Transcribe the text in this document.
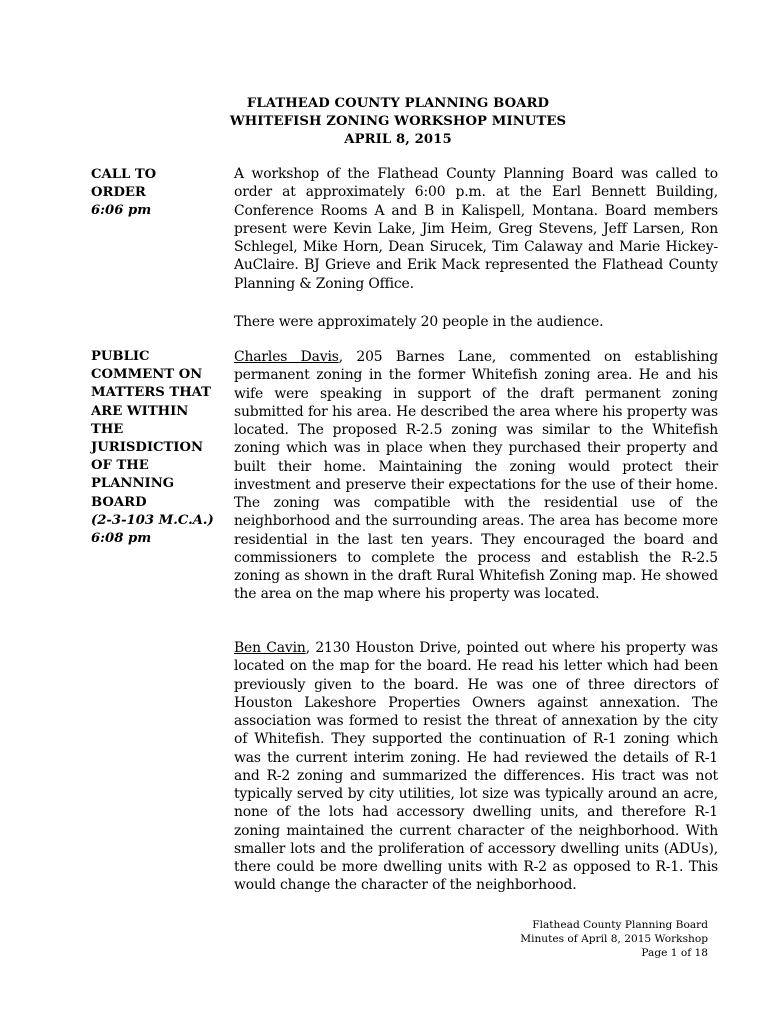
FLATHEAD COUNTY PLANNING BOARD
WHITEFISH ZONING WORKSHOP MINUTES
APRIL 8, 2015
CALL TO
ORDER
6:06 pm
A workshop of the Flathead County Planning Board was called to order at approximately 6:00 p.m. at the Earl Bennett Building, Conference Rooms A and B in Kalispell, Montana. Board members present were Kevin Lake, Jim Heim, Greg Stevens, Jeff Larsen, Ron Schlegel, Mike Horn, Dean Sirucek, Tim Calaway and Marie Hickey-AuClaire. BJ Grieve and Erik Mack represented the Flathead County Planning & Zoning Office.
There were approximately 20 people in the audience.
PUBLIC
COMMENT ON
MATTERS THAT
ARE WITHIN
THE
JURISDICTION
OF THE
PLANNING
BOARD
(2-3-103 M.C.A.)
6:08 pm
Charles Davis, 205 Barnes Lane, commented on establishing permanent zoning in the former Whitefish zoning area. He and his wife were speaking in support of the draft permanent zoning submitted for his area. He described the area where his property was located. The proposed R-2.5 zoning was similar to the Whitefish zoning which was in place when they purchased their property and built their home. Maintaining the zoning would protect their investment and preserve their expectations for the use of their home. The zoning was compatible with the residential use of the neighborhood and the surrounding areas. The area has become more residential in the last ten years. They encouraged the board and commissioners to complete the process and establish the R-2.5 zoning as shown in the draft Rural Whitefish Zoning map. He showed the area on the map where his property was located.
Ben Cavin, 2130 Houston Drive, pointed out where his property was located on the map for the board. He read his letter which had been previously given to the board. He was one of three directors of Houston Lakeshore Properties Owners against annexation. The association was formed to resist the threat of annexation by the city of Whitefish. They supported the continuation of R-1 zoning which was the current interim zoning. He had reviewed the details of R-1 and R-2 zoning and summarized the differences. His tract was not typically served by city utilities, lot size was typically around an acre, none of the lots had accessory dwelling units, and therefore R-1 zoning maintained the current character of the neighborhood. With smaller lots and the proliferation of accessory dwelling units (ADUs), there could be more dwelling units with R-2 as opposed to R-1. This would change the character of the neighborhood.
Flathead County Planning Board
Minutes of April 8, 2015 Workshop
Page 1 of 18
